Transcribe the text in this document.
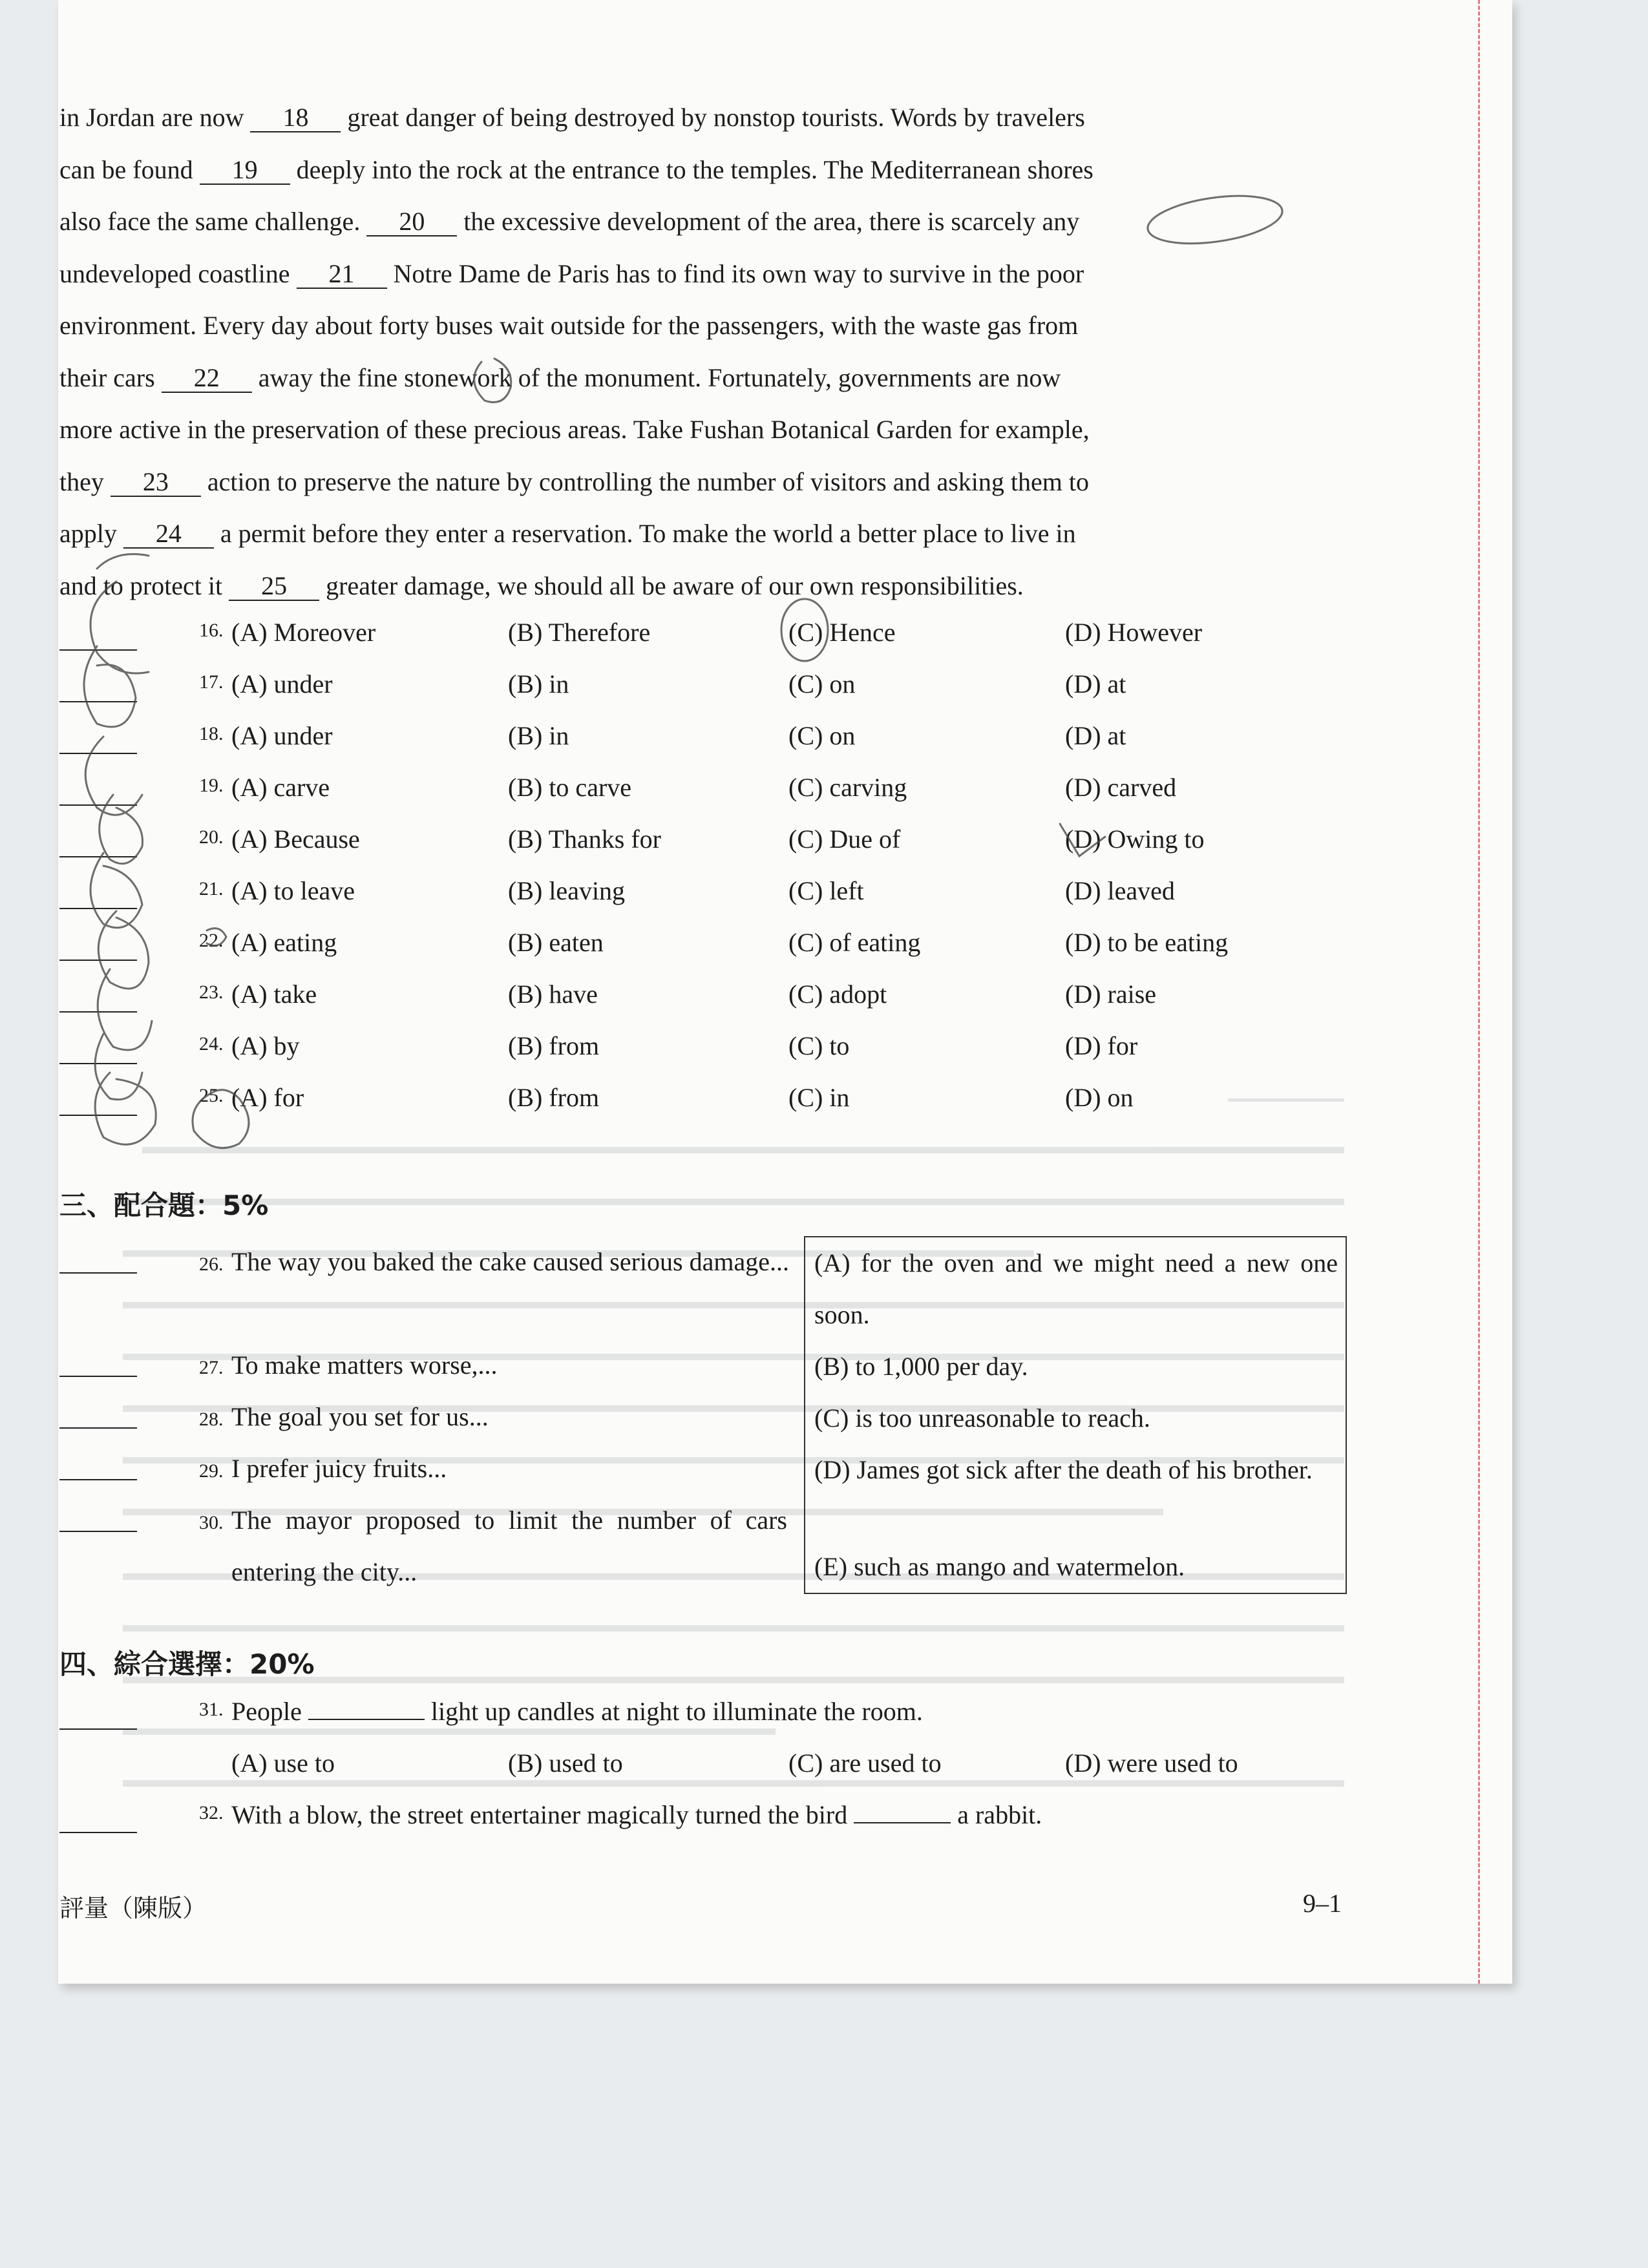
in Jordan are now 18 great danger of being destroyed by nonstop tourists. Words by travelers

can be found 19 deeply into the rock at the entrance to the temples. The Mediterranean shores

also face the same challenge. 20 the excessive development of the area, there is scarcely any

undeveloped coastline 21 Notre Dame de Paris has to find its own way to survive in the poor

environment. Every day about forty buses wait outside for the passengers, with the waste gas from

their cars 22 away the fine stonework of the monument. Fortunately, governments are now

more active in the preservation of these precious areas. Take Fushan Botanical Garden for example,

they 23 action to preserve the nature by controlling the number of visitors and asking them to

apply 24 a permit before they enter a reservation. To make the world a better place to live in

and to protect it 25 greater damage, we should all be aware of our own responsibilities.

16. (A) Moreover	(B) Therefore	(C) Hence	(D) However
17. (A) under	(B) in	(C) on	(D) at
18. (A) under	(B) in	(C) on	(D) at
19. (A) carve	(B) to carve	(C) carving	(D) carved
20. (A) Because	(B) Thanks for	(C) Due of	(D) Owing to
21. (A) to leave	(B) leaving	(C) left	(D) leaved
22. (A) eating	(B) eaten	(C) of eating	(D) to be eating
23. (A) take	(B) have	(C) adopt	(D) raise
24. (A) by	(B) from	(C) to	(D) for
25. (A) for	(B) from	(C) in	(D) on
三、配合題：5%
26. The way you baked the cake caused serious damage...
27. To make matters worse,...
28. The goal you set for us...
29. I prefer juicy fruits...
30. The mayor proposed to limit the number of cars entering the city...
(A) for the oven and we might need a new one soon.
(B) to 1,000 per day.
(C) is too unreasonable to reach.
(D) James got sick after the death of his brother.
(E) such as mango and watermelon.
四、綜合選擇：20%
31. People	light up candles at night to illuminate the room.
(A) use to	(B) used to	(C) are used to	(D) were used to
32. With a blow, the street entertainer magically turned the bird	a rabbit.
評量（陳版）	9–1
